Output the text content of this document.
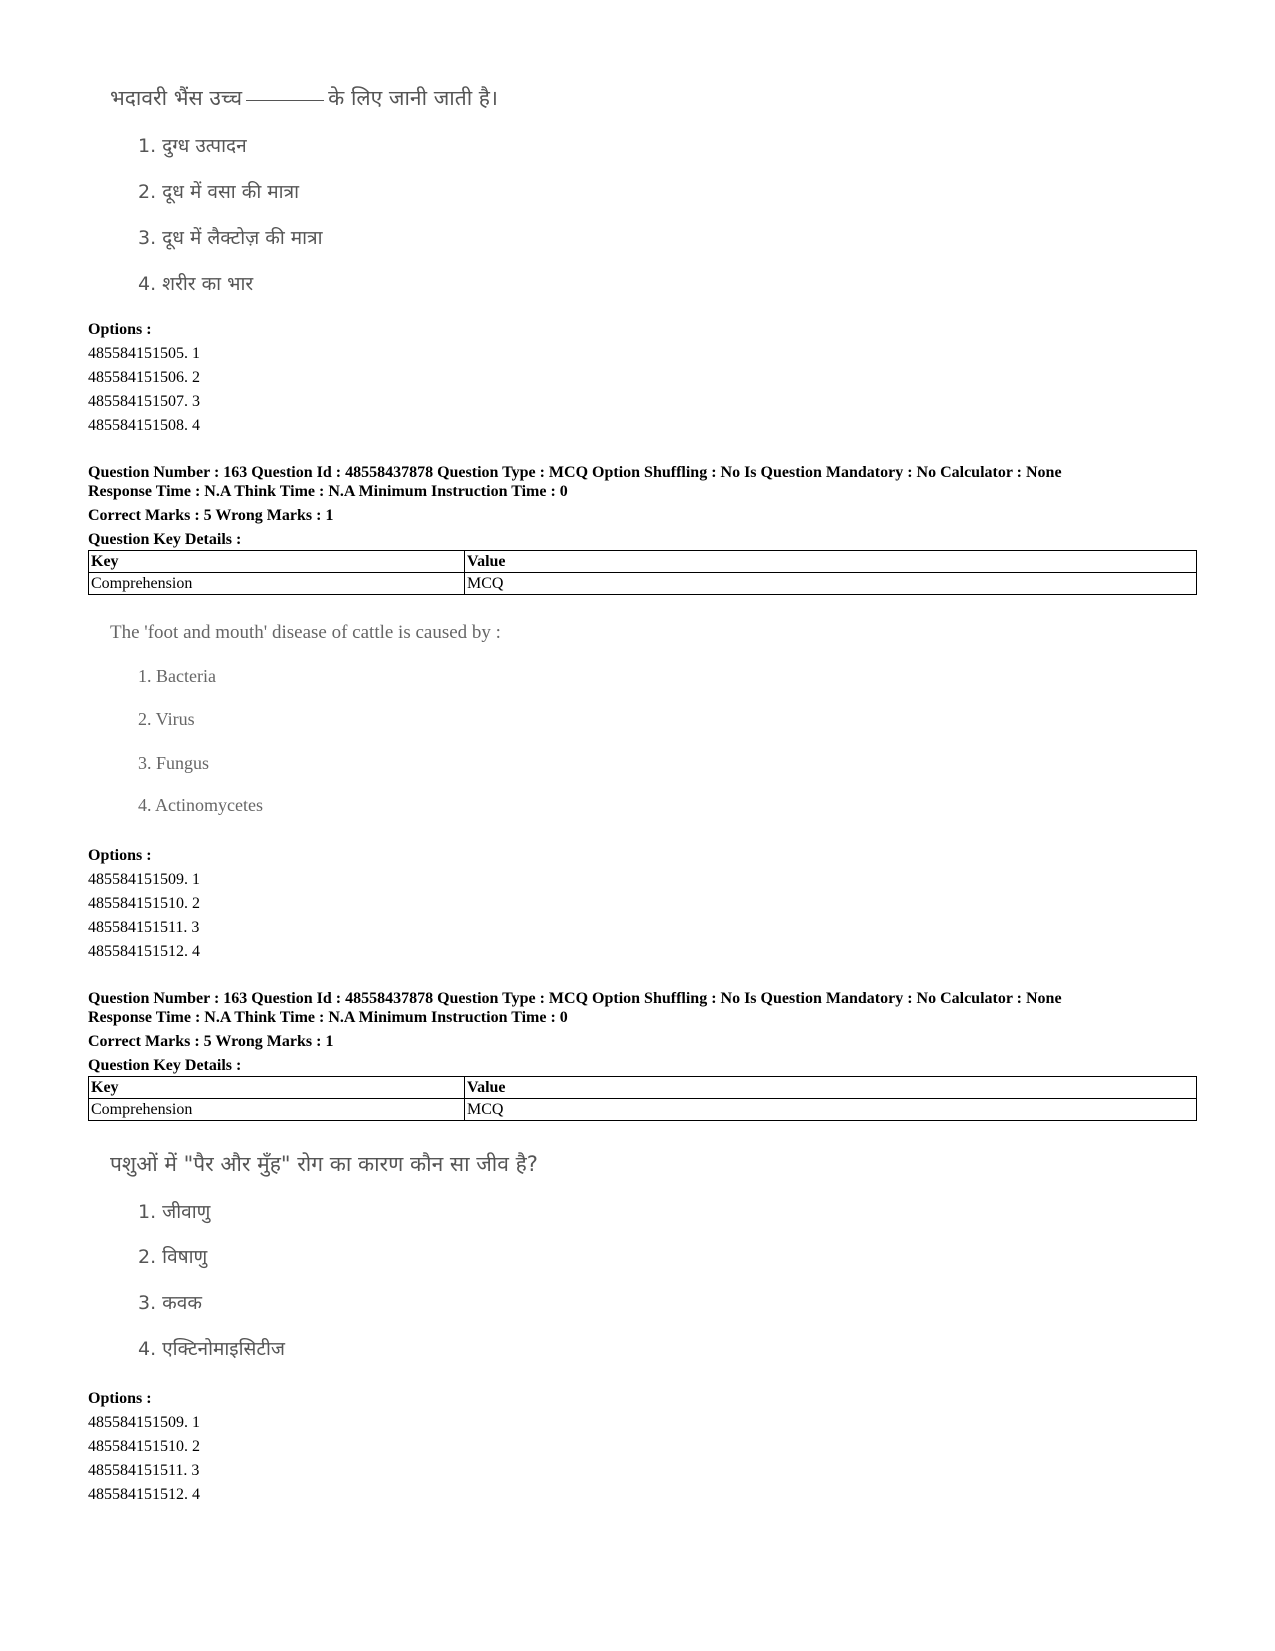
भदावरी भैंस उच्च	के लिए जानी जाती है।
1. दुग्ध उत्पादन
2. दूध में वसा की मात्रा
3. दूध में लैक्टोज़ की मात्रा
4. शरीर का भार
Options :
485584151505. 1
485584151506. 2
485584151507. 3
485584151508. 4
Question Number : 163 Question Id : 48558437878 Question Type : MCQ Option Shuffling : No Is Question Mandatory : No Calculator : None
Response Time : N.A Think Time : N.A Minimum Instruction Time : 0
Correct Marks : 5 Wrong Marks : 1
Question Key Details :
Key	Value
Comprehension	MCQ
The 'foot and mouth' disease of cattle is caused by :
1. Bacteria
2. Virus
3. Fungus
4. Actinomycetes
Options :
485584151509. 1
485584151510. 2
485584151511. 3
485584151512. 4
Question Number : 163 Question Id : 48558437878 Question Type : MCQ Option Shuffling : No Is Question Mandatory : No Calculator : None
Response Time : N.A Think Time : N.A Minimum Instruction Time : 0
Correct Marks : 5 Wrong Marks : 1
Question Key Details :
Key	Value
Comprehension	MCQ
पशुओं में "पैर और मुँह" रोग का कारण कौन सा जीव है?
1. जीवाणु
2. विषाणु
3. कवक
4. एक्टिनोमाइसिटीज
Options :
485584151509. 1
485584151510. 2
485584151511. 3
485584151512. 4
